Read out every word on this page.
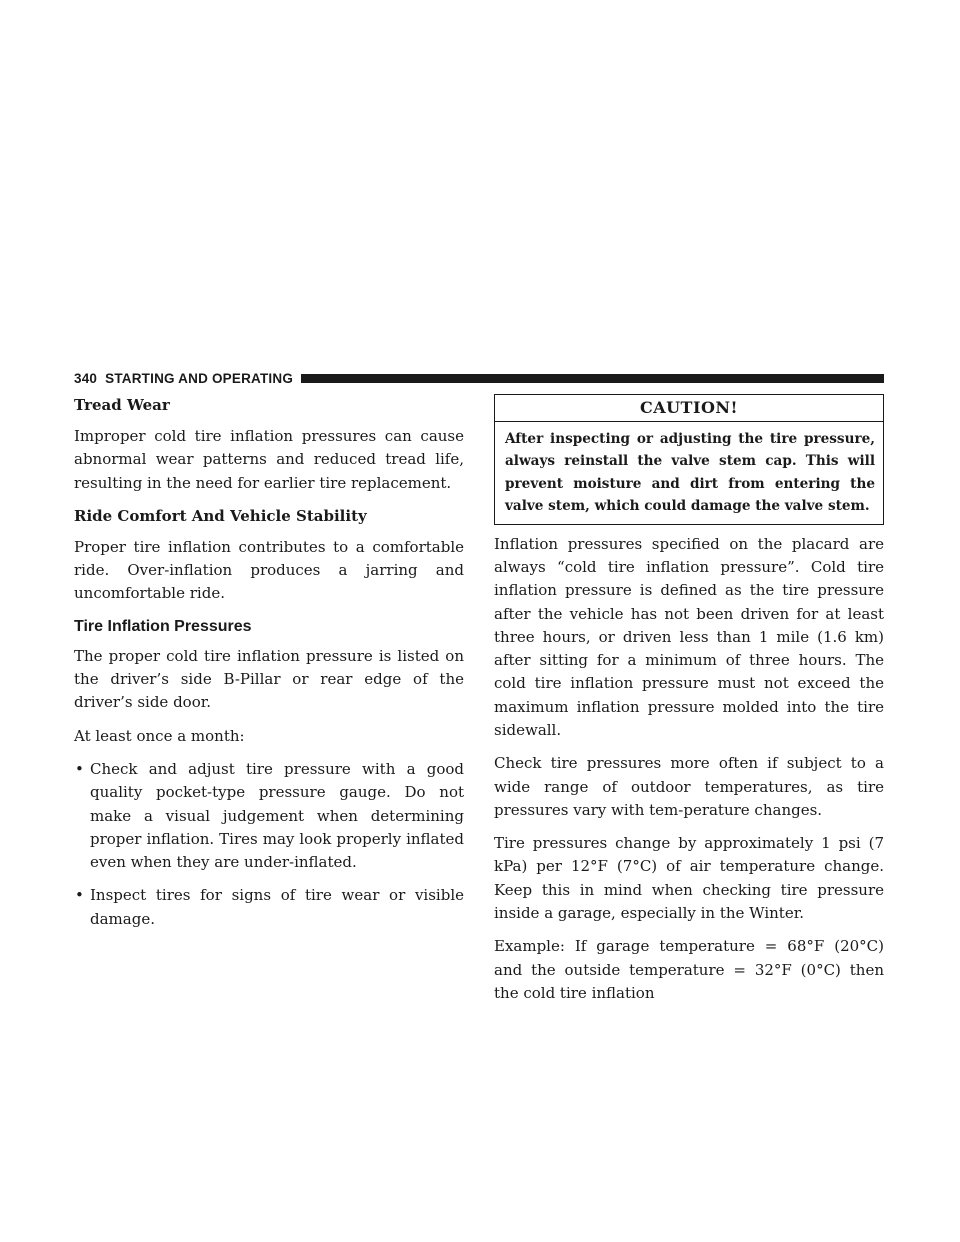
340 STARTING AND OPERATING
Tread Wear

Improper cold tire inflation pressures can cause abnormal wear patterns and reduced tread life, resulting in the need for earlier tire replacement.

Ride Comfort And Vehicle Stability

Proper tire inflation contributes to a comfortable ride. Over-inflation produces a jarring and uncomfortable ride.

Tire Inflation Pressures

The proper cold tire inflation pressure is listed on the driver’s side B-Pillar or rear edge of the driver’s side door.

At least once a month:

• Check and adjust tire pressure with a good quality pocket-type pressure gauge. Do not make a visual judgement when determining proper inflation. Tires may look properly inflated even when they are under-inflated.
• Inspect tires for signs of tire wear or visible damage.
CAUTION!
After inspecting or adjusting the tire pressure, always reinstall the valve stem cap. This will prevent moisture and dirt from entering the valve stem, which could damage the valve stem.

Inflation pressures specified on the placard are always “cold tire inflation pressure”. Cold tire inflation pressure is defined as the tire pressure after the vehicle has not been driven for at least three hours, or driven less than 1 mile (1.6 km) after sitting for a minimum of three hours. The cold tire inflation pressure must not exceed the maximum inflation pressure molded into the tire sidewall.

Check tire pressures more often if subject to a wide range of outdoor temperatures, as tire pressures vary with tem-perature changes.

Tire pressures change by approximately 1 psi (7 kPa) per 12°F (7°C) of air temperature change. Keep this in mind when checking tire pressure inside a garage, especially in the Winter.

Example: If garage temperature = 68°F (20°C) and the outside temperature = 32°F (0°C) then the cold tire inflation
